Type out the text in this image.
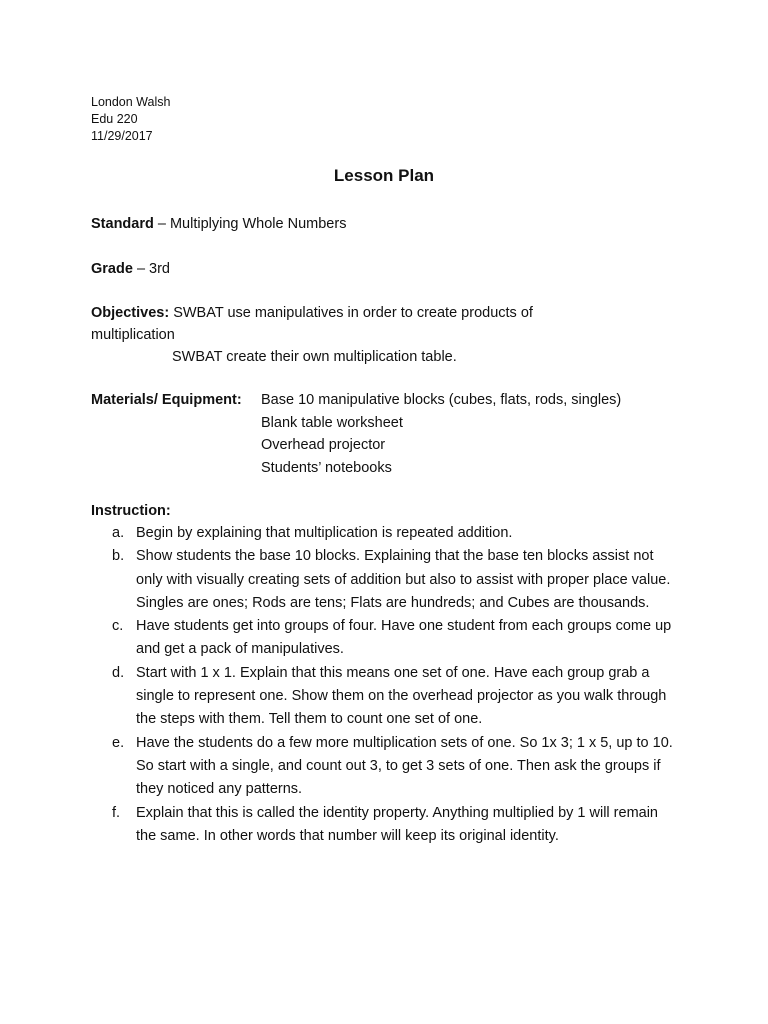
London Walsh
Edu 220
11/29/2017
Lesson Plan
Standard – Multiplying Whole Numbers
Grade – 3rd
Objectives: SWBAT use manipulatives in order to create products of
multiplication
SWBAT create their own multiplication table.
Materials/ Equipment: Base 10 manipulative blocks (cubes, flats, rods, singles)
Blank table worksheet
Overhead projector
Students’ notebooks
Instruction:
a. Begin by explaining that multiplication is repeated addition.
b. Show students the base 10 blocks. Explaining that the base ten blocks assist not only with visually creating sets of addition but also to assist with proper place value. Singles are ones; Rods are tens; Flats are hundreds; and Cubes are thousands.
c. Have students get into groups of four. Have one student from each groups come up and get a pack of manipulatives.
d. Start with 1 x 1. Explain that this means one set of one. Have each group grab a single to represent one. Show them on the overhead projector as you walk through the steps with them. Tell them to count one set of one.
e. Have the students do a few more multiplication sets of one. So 1x 3; 1 x 5, up to 10. So start with a single, and count out 3, to get 3 sets of one. Then ask the groups if they noticed any patterns.
f. Explain that this is called the identity property. Anything multiplied by 1 will remain the same. In other words that number will keep its original identity.
